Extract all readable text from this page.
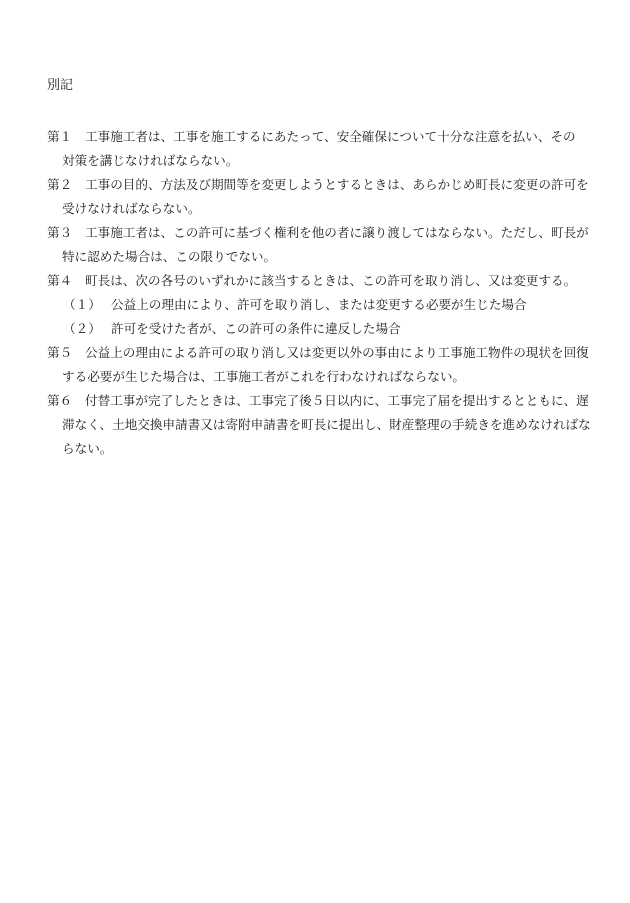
別記
第１ 工事施工者は、工事を施工するにあたって、安全確保について十分な注意を払い、その
対策を講じなければならない。
第２ 工事の目的、方法及び期間等を変更しようとするときは、あらかじめ町長に変更の許可を
受けなければならない。
第３ 工事施工者は、この許可に基づく権利を他の者に譲り渡してはならない。ただし、町長が
特に認めた場合は、この限りでない。
第４ 町長は、次の各号のいずれかに該当するときは、この許可を取り消し、又は変更する。
（１） 公益上の理由により、許可を取り消し、または変更する必要が生じた場合
（２） 許可を受けた者が、この許可の条件に違反した場合
第５ 公益上の理由による許可の取り消し又は変更以外の事由により工事施工物件の現状を回復
する必要が生じた場合は、工事施工者がこれを行わなければならない。
第６ 付替工事が完了したときは、工事完了後５日以内に、工事完了届を提出するとともに、遅
滞なく、土地交換申請書又は寄附申請書を町長に提出し、財産整理の手続きを進めなければな
らない。
